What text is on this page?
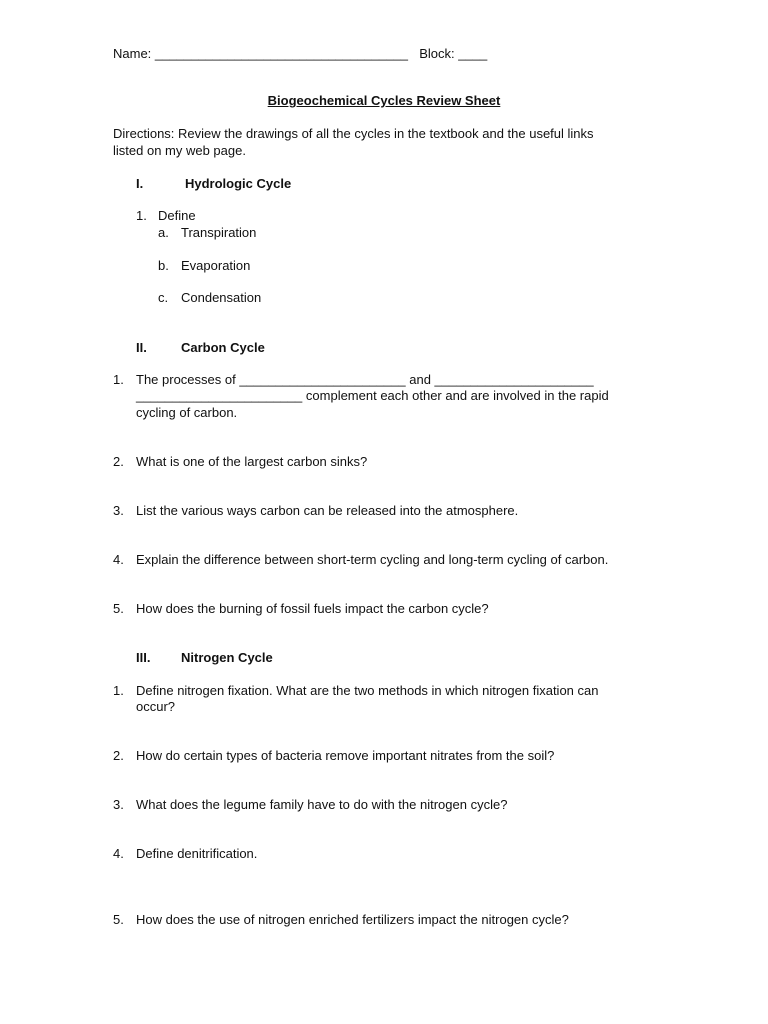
Name: ___________________________________ Block: ____
Biogeochemical Cycles Review Sheet
Directions: Review the drawings of all the cycles in the textbook and the useful links
listed on my web page.
I.	Hydrologic Cycle
1. Define
a. Transpiration
b. Evaporation
c. Condensation
II.	Carbon Cycle
1. The processes of _______________________ and ______________________
_______________________ complement each other and are involved in the rapid
cycling of carbon.
2. What is one of the largest carbon sinks?
3. List the various ways carbon can be released into the atmosphere.
4. Explain the difference between short-term cycling and long-term cycling of carbon.
5. How does the burning of fossil fuels impact the carbon cycle?
III. Nitrogen Cycle
1. Define nitrogen fixation. What are the two methods in which nitrogen fixation can
occur?
2. How do certain types of bacteria remove important nitrates from the soil?
3. What does the legume family have to do with the nitrogen cycle?
4. Define denitrification.
5. How does the use of nitrogen enriched fertilizers impact the nitrogen cycle?
